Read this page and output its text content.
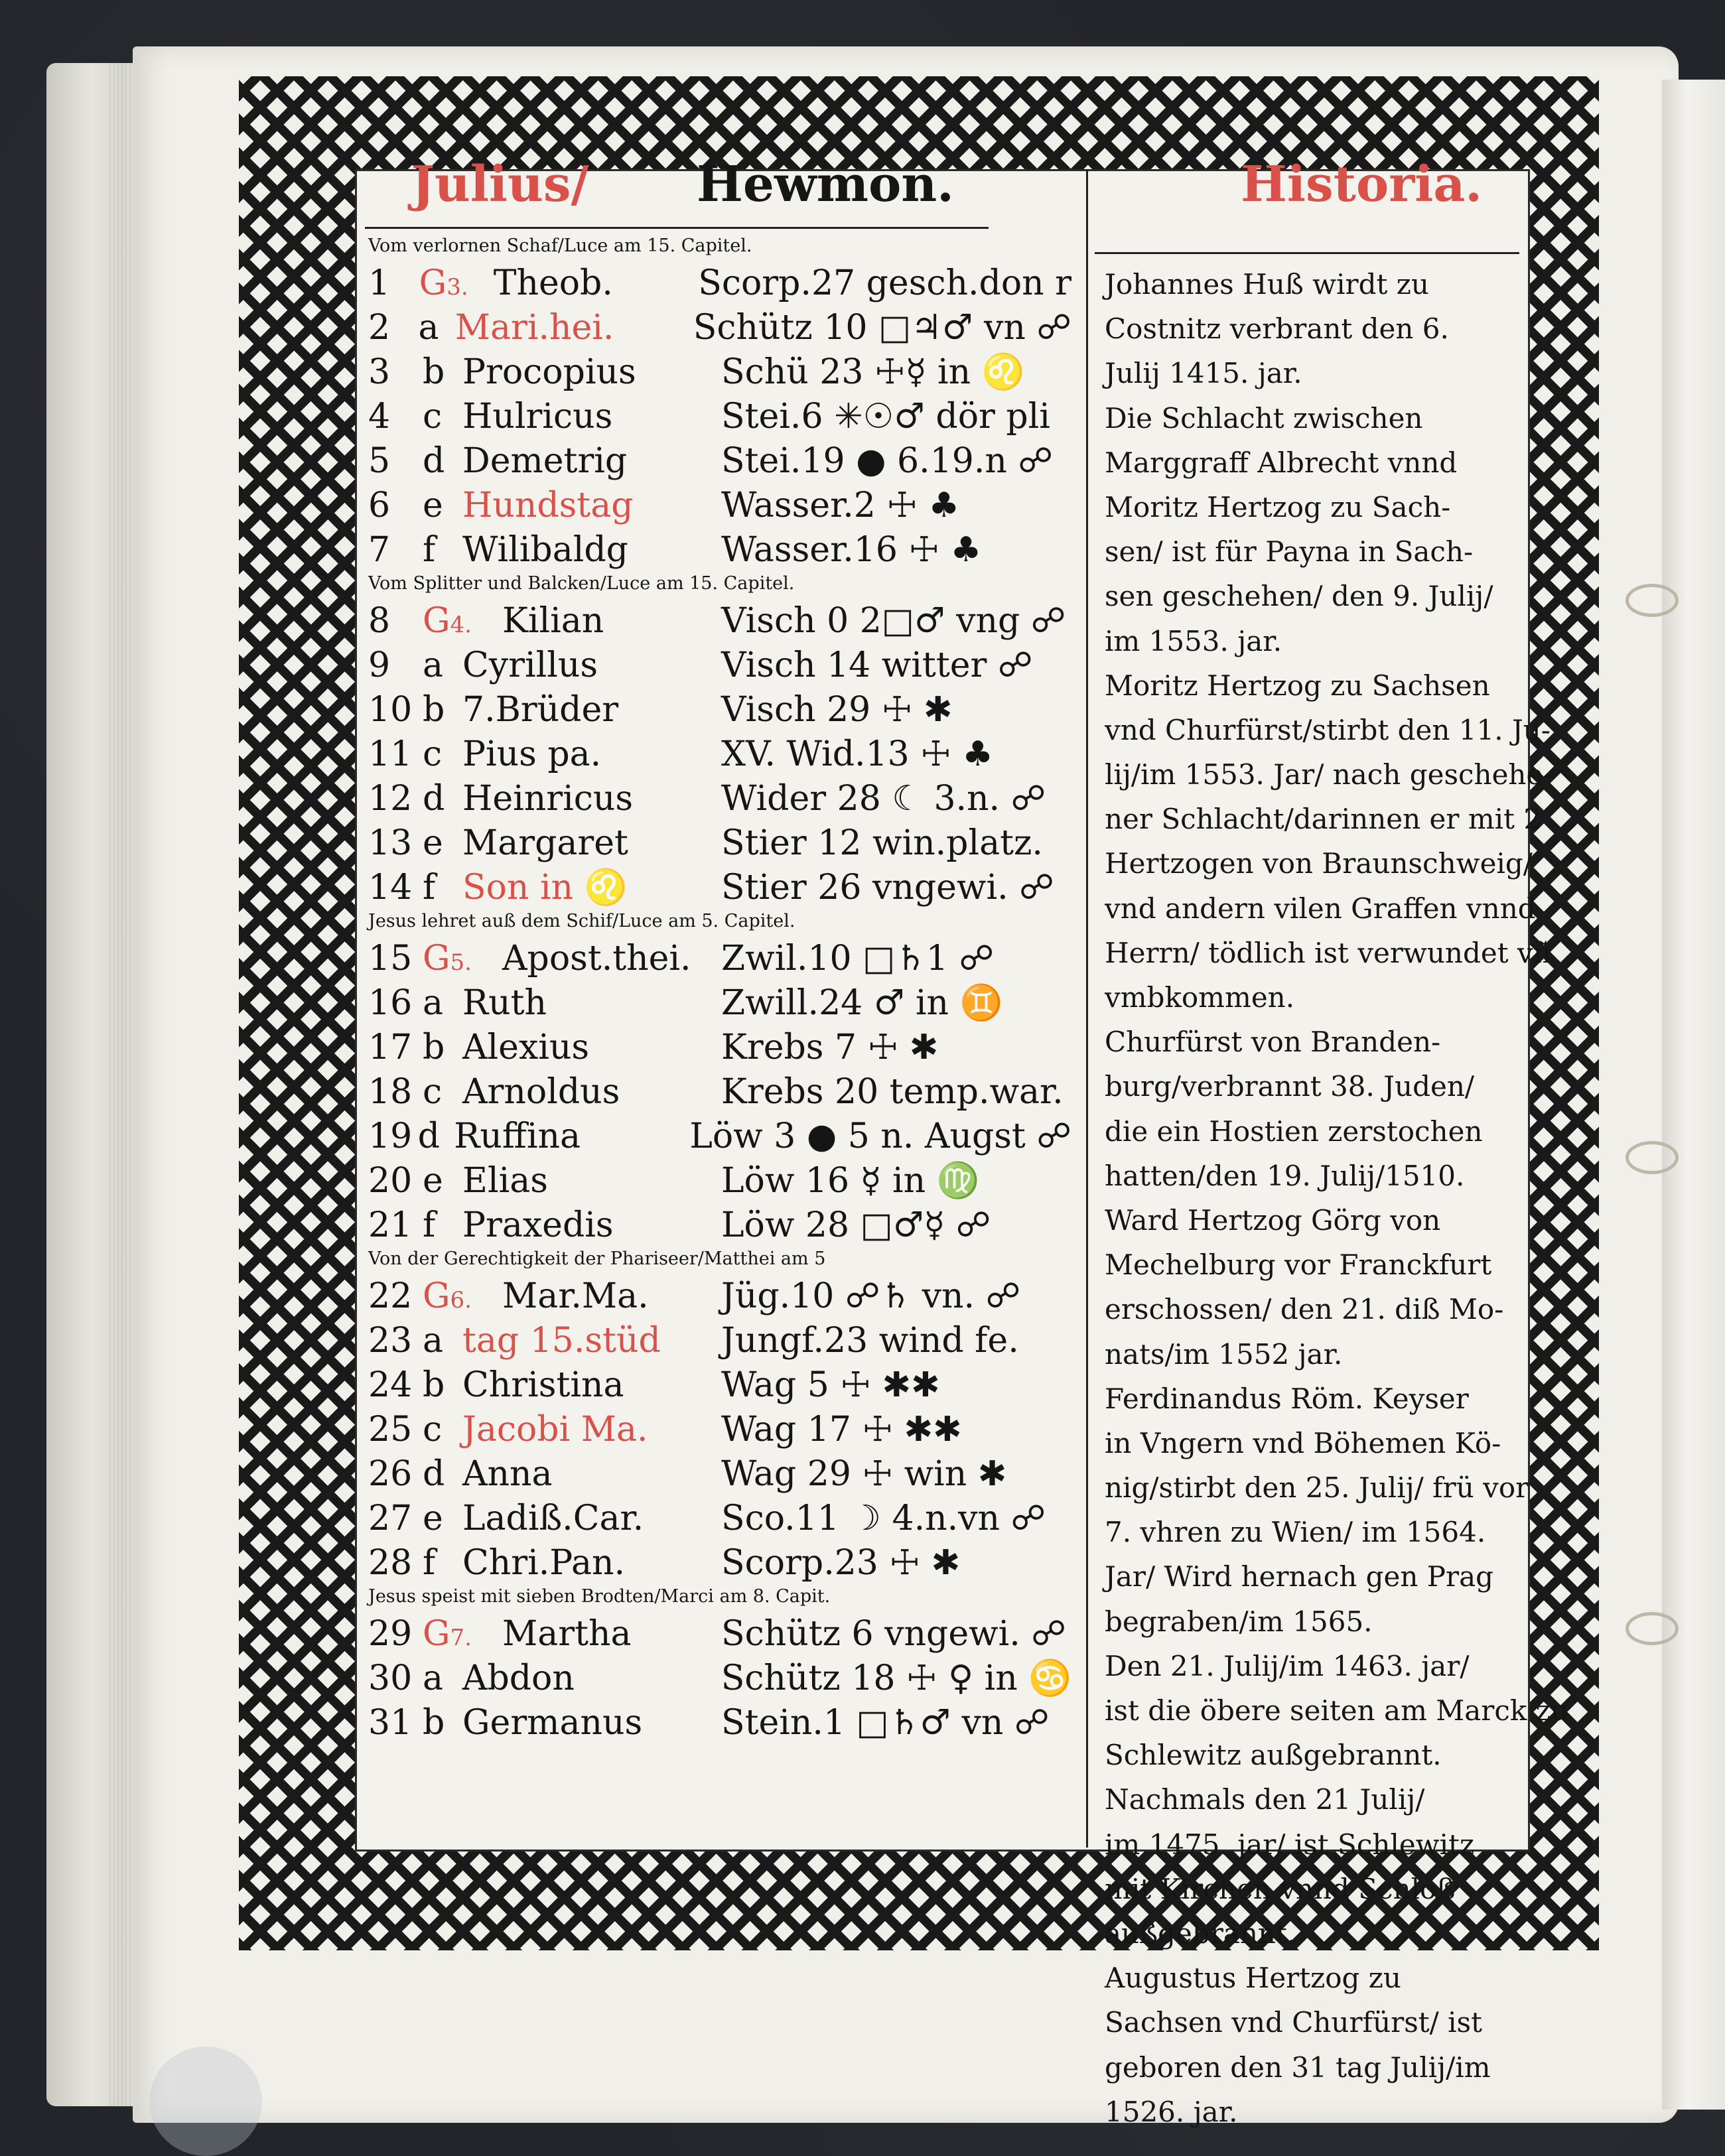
Julius/ Hewmon.	Historia.
Vom verlornen Schaf/Luce am 15. Capitel.
1 G3. Theob.	Scorp.27 gesch.don r
2 a Mari.hei.	Schütz 10 □♃♂ vn ☍
3 b Procopius	Schü 23 ☩☿ in ♌
4 c Hulricus	Stei.6 ✳☉♂ dör pli
5 d Demetrig	Stei.19 ● 6.19.n ☍
6 e Hundstag	Wasser.2 ☩ ♣
7 f Wilibaldg	Wasser.16 ☩ ♣
Vom Splitter und Balcken/Luce am 15. Capitel.
8 G4. Kilian	Visch 0 2□♂ vng ☍
9 a Cyrillus	Visch 14 witter ☍
10 b 7.Brüder	Visch 29 ☩ ✱
11 c Pius pa.	XV. Wid.13 ☩ ♣
12 d Heinricus	Wider 28 ☾ 3.n. ☍
13 e Margaret	Stier 12 win.platz.
14 f Son in ♌	Stier 26 vngewi. ☍
Jesus lehret auß dem Schif/Luce am 5. Capitel.
15 G5. Apost.thei. Zwil.10 □♄1 ☍
16 a Ruth	Zwill.24 ♂ in ♊
17 b Alexius	Krebs 7 ☩ ✱
18 c Arnoldus	Krebs 20 temp.war.
19 d Ruffina	Löw 3 ● 5 n. Augst ☍
20 e Elias	Löw 16 ☿ in ♍
21 f Praxedis	Löw 28 □♂☿ ☍
Von der Gerechtigkeit der Phariseer/Matthei am 5
22 G6. Mar.Ma.	Jüg.10 ☍♄ vn. ☍
23 a tag 15.stüd	Jungf.23 wind fe.
24 b Christina	Wag 5 ☩ ✱✱
25 c Jacobi Ma.	Wag 17 ☩ ✱✱
26 d Anna	Wag 29 ☩ win ✱
27 e Ladiß.Car.	Sco.11 ☽ 4.n.vn ☍
28 f Chri.Pan.	Scorp.23 ☩ ✱
Jesus speist mit sieben Brodten/Marci am 8. Capit.
29 G7. Martha	Schütz 6 vngewi. ☍
30 a Abdon	Schütz 18 ☩ ♀ in ♋
31 b Germanus	Stein.1 □♄♂ vn ☍
Johannes Huß wirdt zu
Costnitz verbrant den 6.
Julij 1415. jar.
Die Schlacht zwischen
Marggraff Albrecht vnnd
Moritz Hertzog zu Sach-
sen/ ist für Payna in Sach-
sen geschehen/ den 9. Julij/
im 1553. jar.
Moritz Hertzog zu Sachsen
vnd Churfürst/stirbt den 11. Ju-
lij/im 1553. Jar/ nach geschehe-
ner Schlacht/darinnen er mit 2
Hertzogen von Braunschweig/
vnd andern vilen Graffen vnnd
Herrn/ tödlich ist verwundet vñ
vmbkommen.
Churfürst von Branden-
burg/verbrannt 38. Juden/
die ein Hostien zerstochen
hatten/den 19. Julij/1510.
Ward Hertzog Görg von
Mechelburg vor Franckfurt
erschossen/ den 21. diß Mo-
nats/im 1552 jar.
Ferdinandus Röm. Keyser
in Vngern vnd Böhemen Kö-
nig/stirbt den 25. Julij/ frü vor
7. vhren zu Wien/ im 1564.
Jar/ Wird hernach gen Prag
begraben/im 1565.
Den 21. Julij/im 1463. jar/
ist die öbere seiten am Marck zu
Schlewitz außgebrannt.
Nachmals den 21 Julij/
im 1475. jar/ ist Schlewitz
mit Kirchen vnnd Schloß
außgebrannt.
Augustus Hertzog zu
Sachsen vnd Churfürst/ ist
geboren den 31 tag Julij/im
1526. jar.
